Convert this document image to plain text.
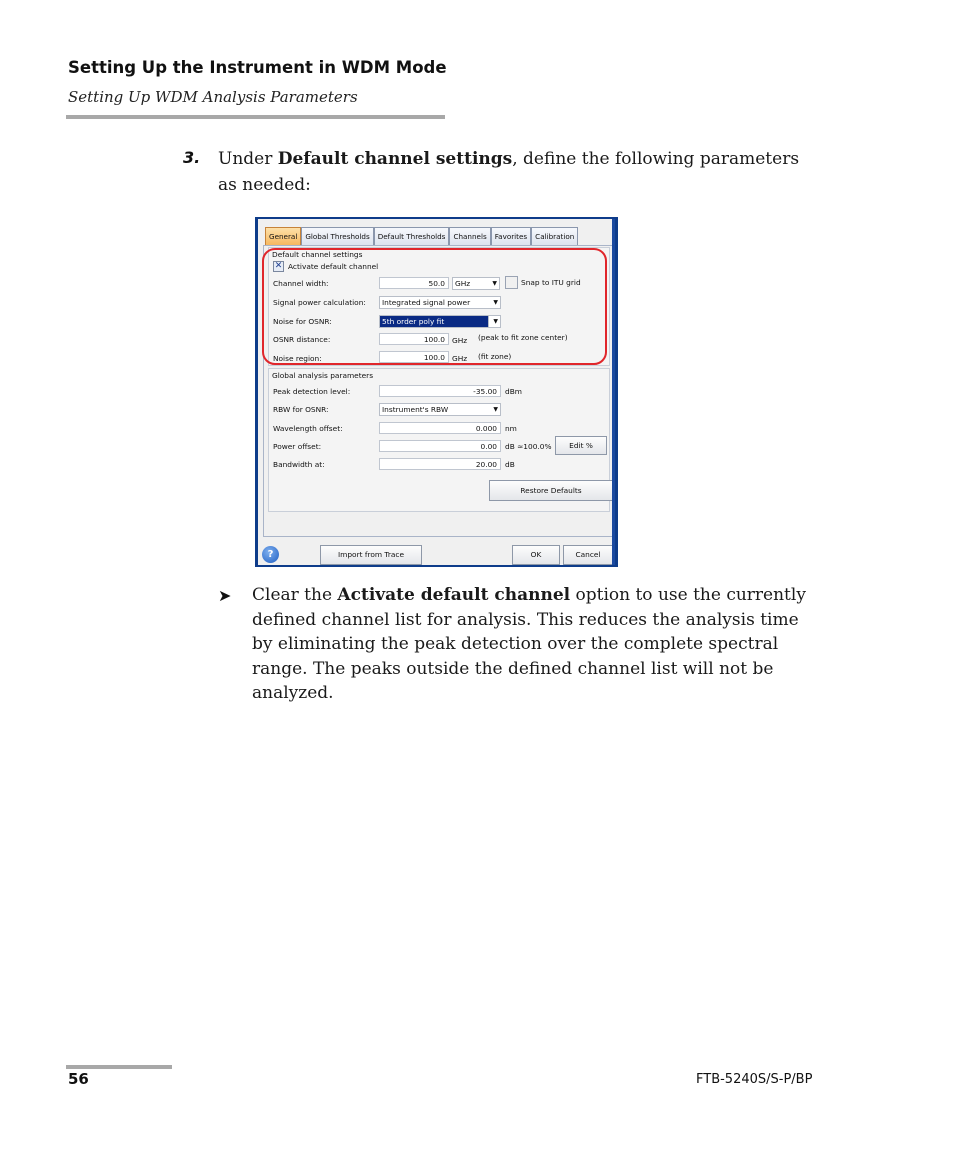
Setting Up the Instrument in WDM Mode
Setting Up WDM Analysis Parameters
3. Under Default channel settings, define the following parameters as needed:
General	Global Thresholds	Default Thresholds	Channels	Favorites	Calibration
Default channel settings
✕ Activate default channel
Channel width:	50.0	GHz	▼	Snap to ITU grid
Signal power calculation:	Integrated signal power	▼
Noise for OSNR:	5th order poly fit	▼
OSNR distance:	100.0 GHz (peak to fit zone center)
Noise region:	100.0 GHz (fit zone)
Global analysis parameters
Peak detection level:	-35.00	dBm
RBW for OSNR:	Instrument's RBW	▼
Wavelength offset:	0.000	nm
Power offset:	0.00	dB ≈100.0%	Edit %
Bandwidth at:	20.00	dB
Restore Defaults
?	Import from Trace	OK	Cancel
➤ Clear the Activate default channel option to use the currently defined channel list for analysis. This reduces the analysis time by eliminating the peak detection over the complete spectral range. The peaks outside the defined channel list will not be analyzed.
56	FTB-5240S/S-P/BP
